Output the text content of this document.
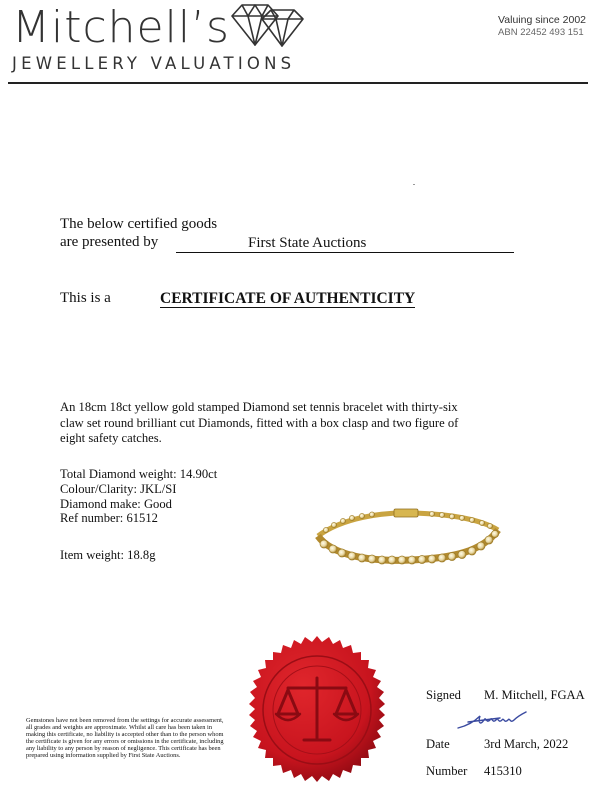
Mitchell’s
JEWELLERY VALUATIONS
Valuing since 2002
ABN 22452 493 151
The below certified goods
are presented by	First State Auctions
This is a	CERTIFICATE OF AUTHENTICITY
An 18cm 18ct yellow gold stamped Diamond set tennis bracelet with thirty-six claw set round brilliant cut Diamonds, fitted with a box clasp and two figure of eight safety catches.
Total Diamond weight: 14.90ct
Colour/Clarity: JKL/SI
Diamond make: Good
Ref number: 61512
Item weight: 18.8g
Gemstones have not been removed from the settings for accurate assessment, all grades and weights are approximate. Whilst all care has been taken in making this certificate, no liability is accepted other than to the person whom the certificate is given for any errors or omissions in the certificate, including any liability to any person by reason of negligence. This certificate has been prepared using information supplied by First State Auctions.
Signed M. Mitchell, FGAA
Date	3rd March, 2022
Number 415310
